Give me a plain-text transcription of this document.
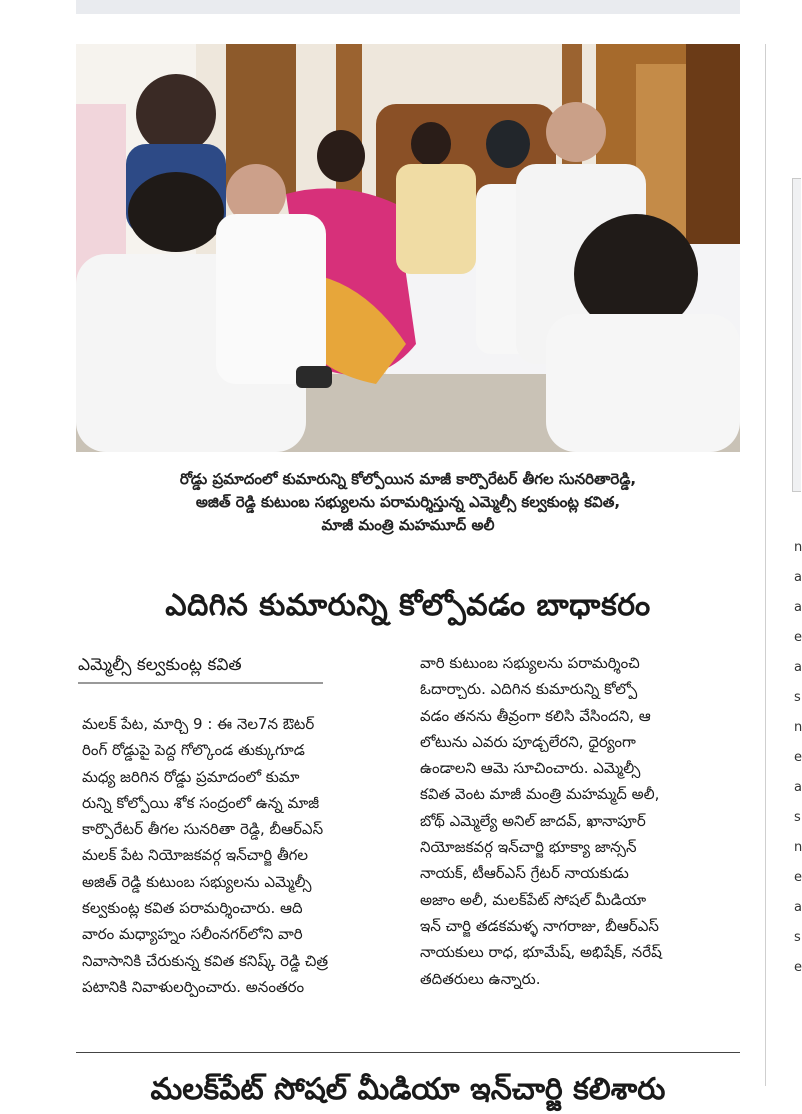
n
a
a
e
a
s
n
e
a
s
n
e
a
s
e
రోడ్డు ప్రమాదంలో కుమారున్ని కోల్పోయిన మాజీ కార్పొరేటర్ తీగల సునరితారెడ్డి,
అజిత్ రెడ్డి కుటుంబ సభ్యులను పరామర్శిస్తున్న ఎమ్మెల్సీ కల్వకుంట్ల కవిత,
మాజీ మంత్రి మహమూద్ అలీ
ఎదిగిన కుమారున్ని కోల్పోవడం బాధాకరం
ఎమ్మెల్సీ కల్వకుంట్ల కవిత
మలక్ పేట, మార్చి 9 : ఈ నెల7న ఔటర్
రింగ్ రోడ్డుపై పెద్ద గోల్కొండ తుక్కుగూడ
మధ్య జరిగిన రోడ్డు ప్రమాదంలో కుమా
రున్ని కోల్పోయి శోక సంద్రంలో ఉన్న మాజీ
కార్పొరేటర్ తీగల సునరితా రెడ్డి, బీఆర్ఎస్
మలక్ పేట నియోజకవర్గ ఇన్‌చార్జి తీగల
అజిత్ రెడ్డి కుటుంబ సభ్యులను ఎమ్మెల్సీ
కల్వకుంట్ల కవిత పరామర్శించారు. ఆది
వారం మధ్యాహ్నం సలీంనగర్‌లోని వారి
నివాసానికి చేరుకున్న కవిత కనిష్క్ రెడ్డి చిత్ర
పటానికి నివాళులర్పించారు. అనంతరం
వారి కుటుంబ సభ్యులను పరామర్శించి
ఓదార్చారు. ఎదిగిన కుమారున్ని కోల్పో
వడం తనను తీవ్రంగా కలిసి వేసిందని, ఆ
లోటును ఎవరు పూడ్చలేరని, ధైర్యంగా
ఉండాలని ఆమె సూచించారు. ఎమ్మెల్సీ
కవిత వెంట మాజీ మంత్రి మహమ్మద్ అలీ,
బోథ్ ఎమ్మెల్యే అనిల్ జాదవ్, ఖానాపూర్
నియోజకవర్గ ఇన్‌చార్జి భూక్యా జాన్సన్
నాయక్, టీఆర్ఎస్ గ్రేటర్ నాయకుడు
అజాం అలీ, మలక్‌పేట్ సోషల్ మీడియా
ఇన్ చార్జి తడకమళ్ళ నాగరాజు, బీఆర్ఎస్
నాయకులు రాధ, భూమేష్, అభిషేక్, నరేష్
తదితరులు ఉన్నారు.
మలక్‌పేట్ సోషల్ మీడియా ఇన్‌చార్జి కలిశారు
